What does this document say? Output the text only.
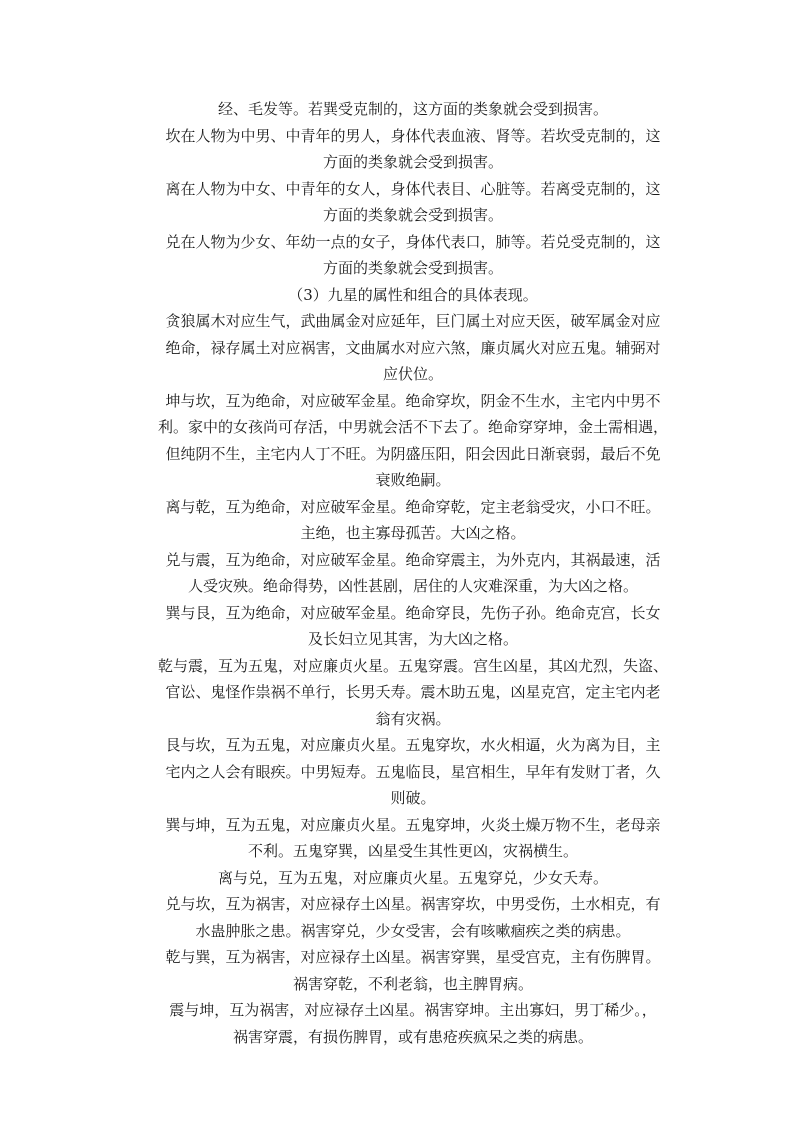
经、毛发等。若巽受克制的，这方面的类象就会受到损害。

坎在人物为中男、中青年的男人，身体代表血液、肾等。若坎受克制的，这
方面的类象就会受到损害。

离在人物为中女、中青年的女人，身体代表目、心脏等。若离受克制的，这
方面的类象就会受到损害。

兑在人物为少女、年幼一点的女子，身体代表口，肺等。若兑受克制的，这
方面的类象就会受到损害。

（3）九星的属性和组合的具体表现。

贪狼属木对应生气，武曲属金对应延年，巨门属土对应天医，破军属金对应
绝命，禄存属土对应祸害，文曲属水对应六煞，廉贞属火对应五鬼。辅弼对
应伏位。

坤与坎，互为绝命，对应破军金星。绝命穿坎，阴金不生水，主宅内中男不
利。家中的女孩尚可存活，中男就会活不下去了。绝命穿穿坤，金土需相遇，
但纯阴不生，主宅内人丁不旺。为阴盛压阳，阳会因此日渐衰弱，最后不免
衰败绝嗣。

离与乾，互为绝命，对应破军金星。绝命穿乾，定主老翁受灾，小口不旺。
主绝，也主寡母孤苦。大凶之格。

兑与震，互为绝命，对应破军金星。绝命穿震主，为外克内，其祸最速，活
人受灾殃。绝命得势，凶性甚剧，居住的人灾难深重，为大凶之格。

巽与艮，互为绝命，对应破军金星。绝命穿艮，先伤子孙。绝命克宫，长女
及长妇立见其害，为大凶之格。

乾与震，互为五鬼，对应廉贞火星。五鬼穿震。宫生凶星，其凶尤烈，失盗、
官讼、鬼怪作祟祸不单行，长男夭寿。震木助五鬼，凶星克宫，定主宅内老
翁有灾祸。

艮与坎，互为五鬼，对应廉贞火星。五鬼穿坎，水火相逼，火为离为目，主
宅内之人会有眼疾。中男短寿。五鬼临艮，星宫相生，早年有发财丁者，久
则破。

巽与坤，互为五鬼，对应廉贞火星。五鬼穿坤，火炎土燥万物不生，老母亲
不利。五鬼穿巽，凶星受生其性更凶，灾祸横生。

离与兑，互为五鬼，对应廉贞火星。五鬼穿兑，少女夭寿。

兑与坎，互为祸害，对应禄存土凶星。祸害穿坎，中男受伤，土水相克，有
水蛊肿胀之患。祸害穿兑，少女受害，会有咳嗽痼疾之类的病患。

乾与巽，互为祸害，对应禄存土凶星。祸害穿巽，星受宫克，主有伤脾胃。
祸害穿乾，不利老翁，也主脾胃病。

震与坤，互为祸害，对应禄存土凶星。祸害穿坤。主出寡妇，男丁稀少。，
祸害穿震，有损伤脾胃，或有患疮疾疯呆之类的病患。
